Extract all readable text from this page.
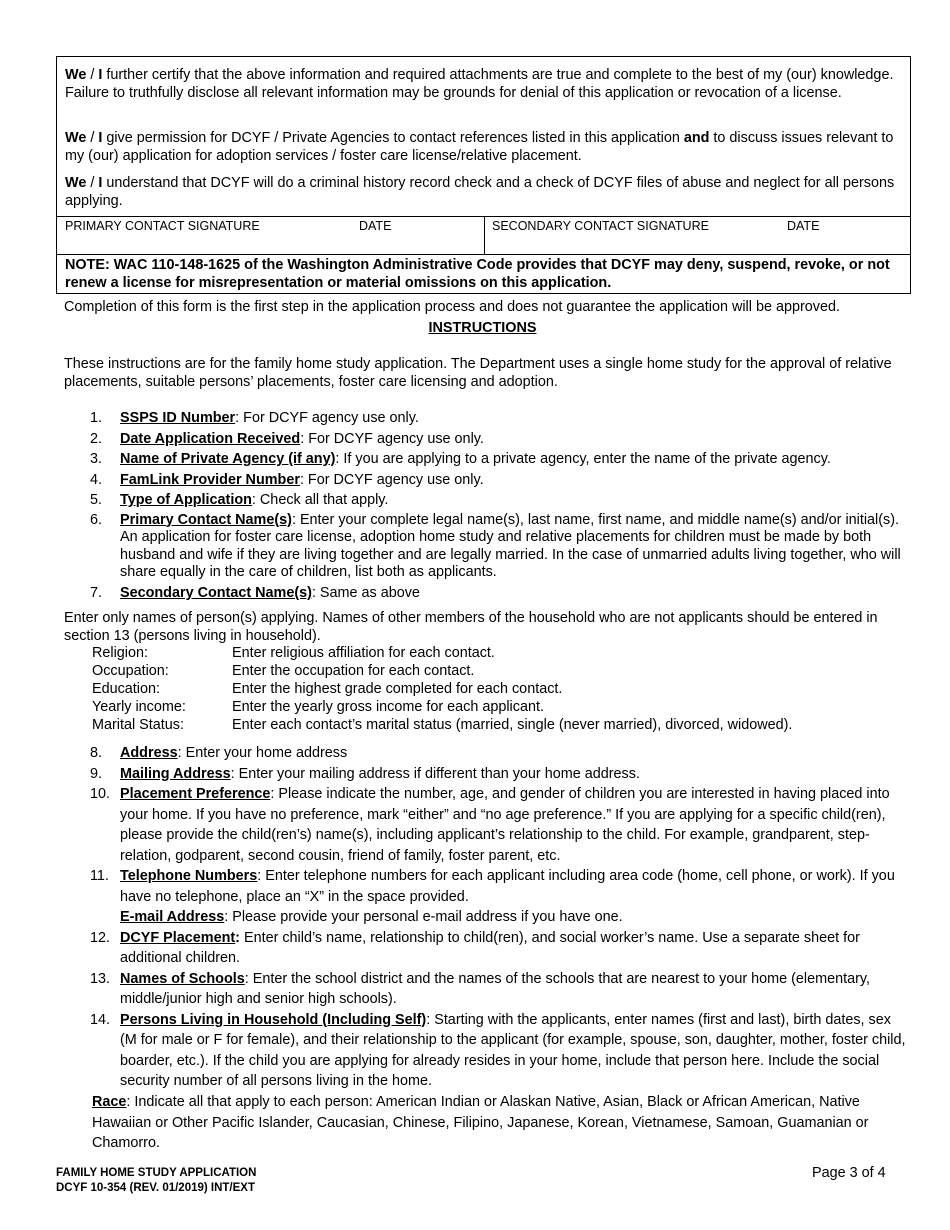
We / I further certify that the above information and required attachments are true and complete to the best of my (our) knowledge. Failure to truthfully disclose all relevant information may be grounds for denial of this application or revocation of a license.

We / I give permission for DCYF / Private Agencies to contact references listed in this application and to discuss issues relevant to my (our) application for adoption services / foster care license/relative placement.

We / I understand that DCYF will do a criminal history record check and a check of DCYF files of abuse and neglect for all persons applying.

PRIMARY CONTACT SIGNATURE	DATE	SECONDARY CONTACT SIGNATURE	DATE

NOTE: WAC 110-148-1625 of the Washington Administrative Code provides that DCYF may deny, suspend, revoke, or not renew a license for misrepresentation or material omissions on this application.

Completion of this form is the first step in the application process and does not guarantee the application will be approved.

INSTRUCTIONS

These instructions are for the family home study application. The Department uses a single home study for the approval of relative placements, suitable persons’ placements, foster care licensing and adoption.

1. SSPS ID Number: For DCYF agency use only.
2. Date Application Received: For DCYF agency use only.
3. Name of Private Agency (if any): If you are applying to a private agency, enter the name of the private agency.
4. FamLink Provider Number: For DCYF agency use only.
5. Type of Application: Check all that apply.
6. Primary Contact Name(s): Enter your complete legal name(s), last name, first name, and middle name(s) and/or initial(s). An application for foster care license, adoption home study and relative placements for children must be made by both husband and wife if they are living together and are legally married. In the case of unmarried adults living together, who will share equally in the care of children, list both as applicants.
7. Secondary Contact Name(s): Same as above

Enter only names of person(s) applying. Names of other members of the household who are not applicants should be entered in section 13 (persons living in household).

Religion:	Enter religious affiliation for each contact.
Occupation:	Enter the occupation for each contact.
Education:	Enter the highest grade completed for each contact.
Yearly income:	Enter the yearly gross income for each applicant.
Marital Status:	Enter each contact’s marital status (married, single (never married), divorced, widowed).
8. Address: Enter your home address
9. Mailing Address: Enter your mailing address if different than your home address.
10. Placement Preference: Please indicate the number, age, and gender of children you are interested in having placed into your home. If you have no preference, mark “either” and “no age preference.” If you are applying for a specific child(ren), please provide the child(ren’s) name(s), including applicant’s relationship to the child. For example, grandparent, step-relation, godparent, second cousin, friend of family, foster parent, etc.
11. Telephone Numbers: Enter telephone numbers for each applicant including area code (home, cell phone, or work). If you have no telephone, place an “X” in the space provided.
E-mail Address: Please provide your personal e-mail address if you have one.
12. DCYF Placement: Enter child’s name, relationship to child(ren), and social worker’s name. Use a separate sheet for additional children.
13. Names of Schools: Enter the school district and the names of the schools that are nearest to your home (elementary, middle/junior high and senior high schools).
14. Persons Living in Household (Including Self): Starting with the applicants, enter names (first and last), birth dates, sex (M for male or F for female), and their relationship to the applicant (for example, spouse, son, daughter, mother, foster child, boarder, etc.). If the child you are applying for already resides in your home, include that person here. Include the social security number of all persons living in the home.

Race: Indicate all that apply to each person: American Indian or Alaskan Native, Asian, Black or African American, Native Hawaiian or Other Pacific Islander, Caucasian, Chinese, Filipino, Japanese, Korean, Vietnamese, Samoan, Guamanian or Chamorro.

FAMILY HOME STUDY APPLICATION
DCYF 10-354 (REV. 01/2019) INT/EXT

Page 3 of 4
